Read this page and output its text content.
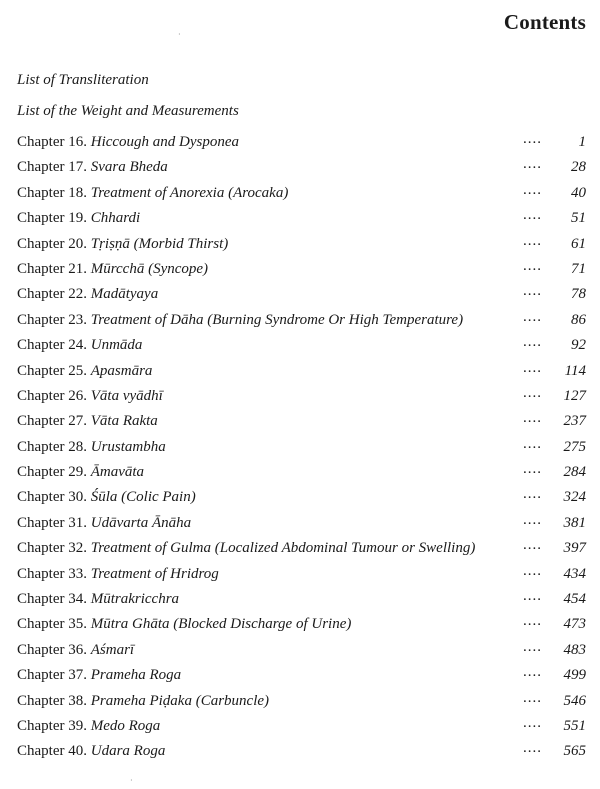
Contents
List of Transliteration
List of the Weight and Measurements
Chapter 16. Hiccough and Dysponea	.... 1
Chapter 17. Svara Bheda	.... 28
Chapter 18. Treatment of Anorexia (Arocaka)	.... 40
Chapter 19. Chhardi	.... 51
Chapter 20. Tṛiṣṇā (Morbid Thirst)	.... 61
Chapter 21. Mūrcchā (Syncope)	.... 71
Chapter 22. Madātyaya	.... 78
Chapter 23. Treatment of Dāha (Burning Syndrome Or High Temperature)	.... 86
Chapter 24. Unmāda	.... 92
Chapter 25. Apasmāra	.... 114
Chapter 26. Vāta vyādhī	.... 127
Chapter 27. Vāta Rakta	.... 237
Chapter 28. Urustambha	.... 275
Chapter 29. Āmavāta	.... 284
Chapter 30. Śūla (Colic Pain)	.... 324
Chapter 31. Udāvarta Ānāha	.... 381
Chapter 32. Treatment of Gulma (Localized Abdominal Tumour or Swelling)	.... 397
Chapter 33. Treatment of Hridrog	.... 434
Chapter 34. Mūtrakricchra	.... 454
Chapter 35. Mūtra Ghāta (Blocked Discharge of Urine)	.... 473
Chapter 36. Aśmarī	.... 483
Chapter 37. Prameha Roga	.... 499
Chapter 38. Prameha Piḍaka (Carbuncle)	.... 546
Chapter 39. Medo Roga	.... 551
Chapter 40. Udara Roga	.... 565
·
·
